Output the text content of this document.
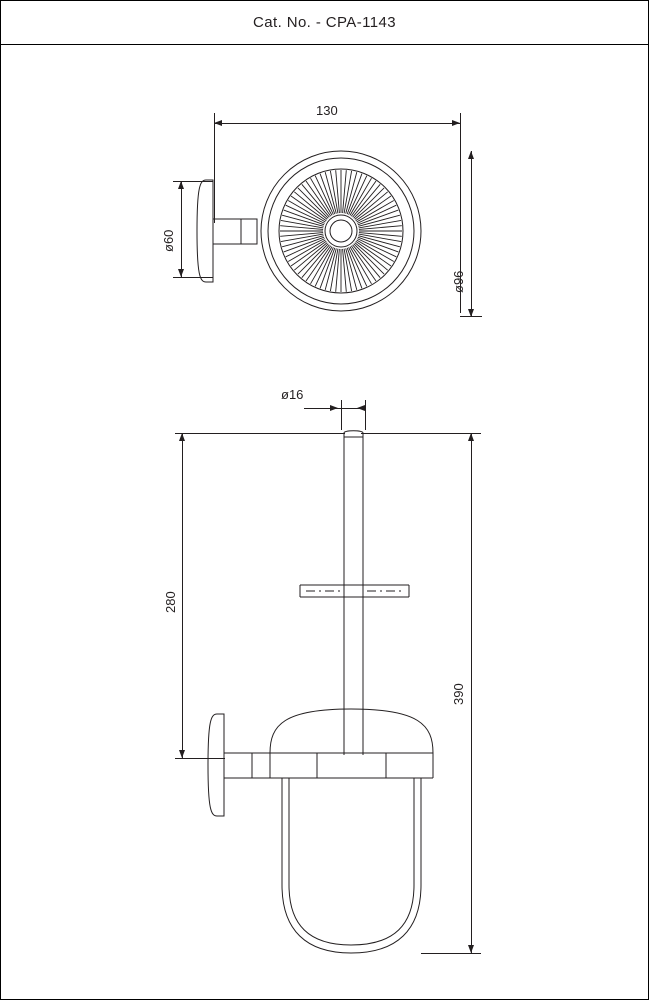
Cat. No. - CPA-1143
130
ø60
ø96
ø16
280
390
